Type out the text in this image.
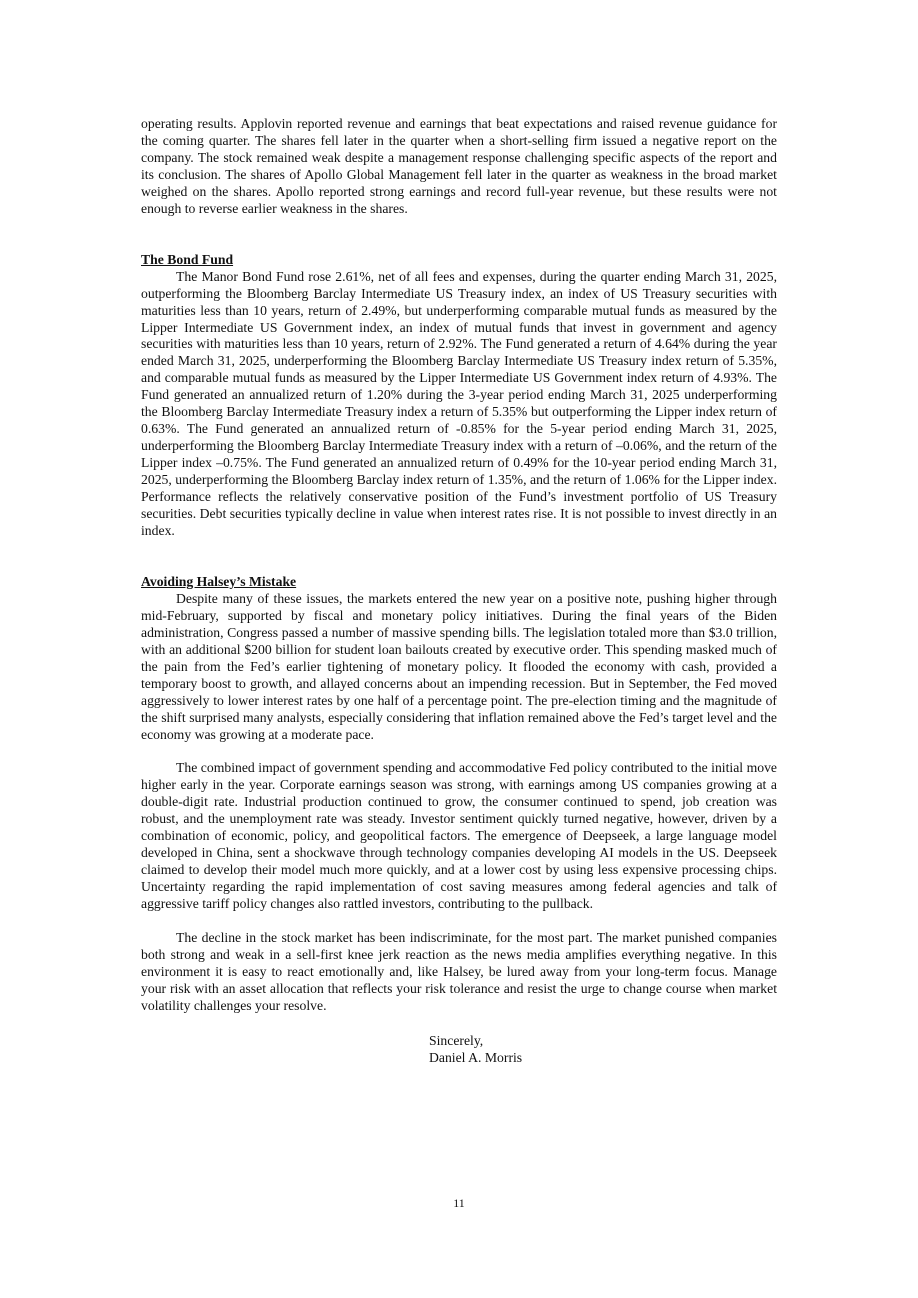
operating results. Applovin reported revenue and earnings that beat expectations and raised revenue guidance for the coming quarter. The shares fell later in the quarter when a short-selling firm issued a negative report on the company. The stock remained weak despite a management response challenging specific aspects of the report and its conclusion. The shares of Apollo Global Management fell later in the quarter as weakness in the broad market weighed on the shares. Apollo reported strong earnings and record full-year revenue, but these results were not enough to reverse earlier weakness in the shares.

The Bond Fund

The Manor Bond Fund rose 2.61%, net of all fees and expenses, during the quarter ending March 31, 2025, outperforming the Bloomberg Barclay Intermediate US Treasury index, an index of US Treasury securities with maturities less than 10 years, return of 2.49%, but underperforming comparable mutual funds as measured by the Lipper Intermediate US Government index, an index of mutual funds that invest in government and agency securities with maturities less than 10 years, return of 2.92%. The Fund generated a return of 4.64% during the year ended March 31, 2025, underperforming the Bloomberg Barclay Intermediate US Treasury index return of 5.35%, and comparable mutual funds as measured by the Lipper Intermediate US Government index return of 4.93%. The Fund generated an annualized return of 1.20% during the 3-year period ending March 31, 2025 underperforming the Bloomberg Barclay Intermediate Treasury index a return of 5.35% but outperforming the Lipper index return of 0.63%. The Fund generated an annualized return of -0.85% for the 5-year period ending March 31, 2025, underperforming the Bloomberg Barclay Intermediate Treasury index with a return of –0.06%, and the return of the Lipper index –0.75%. The Fund generated an annualized return of 0.49% for the 10-year period ending March 31, 2025, underperforming the Bloomberg Barclay index return of 1.35%, and the return of 1.06% for the Lipper index. Performance reflects the relatively conservative position of the Fund’s investment portfolio of US Treasury securities. Debt securities typically decline in value when interest rates rise. It is not possible to invest directly in an index.

Avoiding Halsey’s Mistake

Despite many of these issues, the markets entered the new year on a positive note, pushing higher through mid-February, supported by fiscal and monetary policy initiatives. During the final years of the Biden administration, Congress passed a number of massive spending bills. The legislation totaled more than $3.0 trillion, with an additional $200 billion for student loan bailouts created by executive order. This spending masked much of the pain from the Fed’s earlier tightening of monetary policy. It flooded the economy with cash, provided a temporary boost to growth, and allayed concerns about an impending recession. But in September, the Fed moved aggressively to lower interest rates by one half of a percentage point. The pre-election timing and the magnitude of the shift surprised many analysts, especially considering that inflation remained above the Fed’s target level and the economy was growing at a moderate pace.

The combined impact of government spending and accommodative Fed policy contributed to the initial move higher early in the year. Corporate earnings season was strong, with earnings among US companies growing at a double-digit rate. Industrial production continued to grow, the consumer continued to spend, job creation was robust, and the unemployment rate was steady. Investor sentiment quickly turned negative, however, driven by a combination of economic, policy, and geopolitical factors. The emergence of Deepseek, a large language model developed in China, sent a shockwave through technology companies developing AI models in the US. Deepseek claimed to develop their model much more quickly, and at a lower cost by using less expensive processing chips. Uncertainty regarding the rapid implementation of cost saving measures among federal agencies and talk of aggressive tariff policy changes also rattled investors, contributing to the pullback.

The decline in the stock market has been indiscriminate, for the most part. The market punished companies both strong and weak in a sell-first knee jerk reaction as the news media amplifies everything negative. In this environment it is easy to react emotionally and, like Halsey, be lured away from your long-term focus. Manage your risk with an asset allocation that reflects your risk tolerance and resist the urge to change course when market volatility challenges your resolve.

Sincerely,
Daniel A. Morris
11
